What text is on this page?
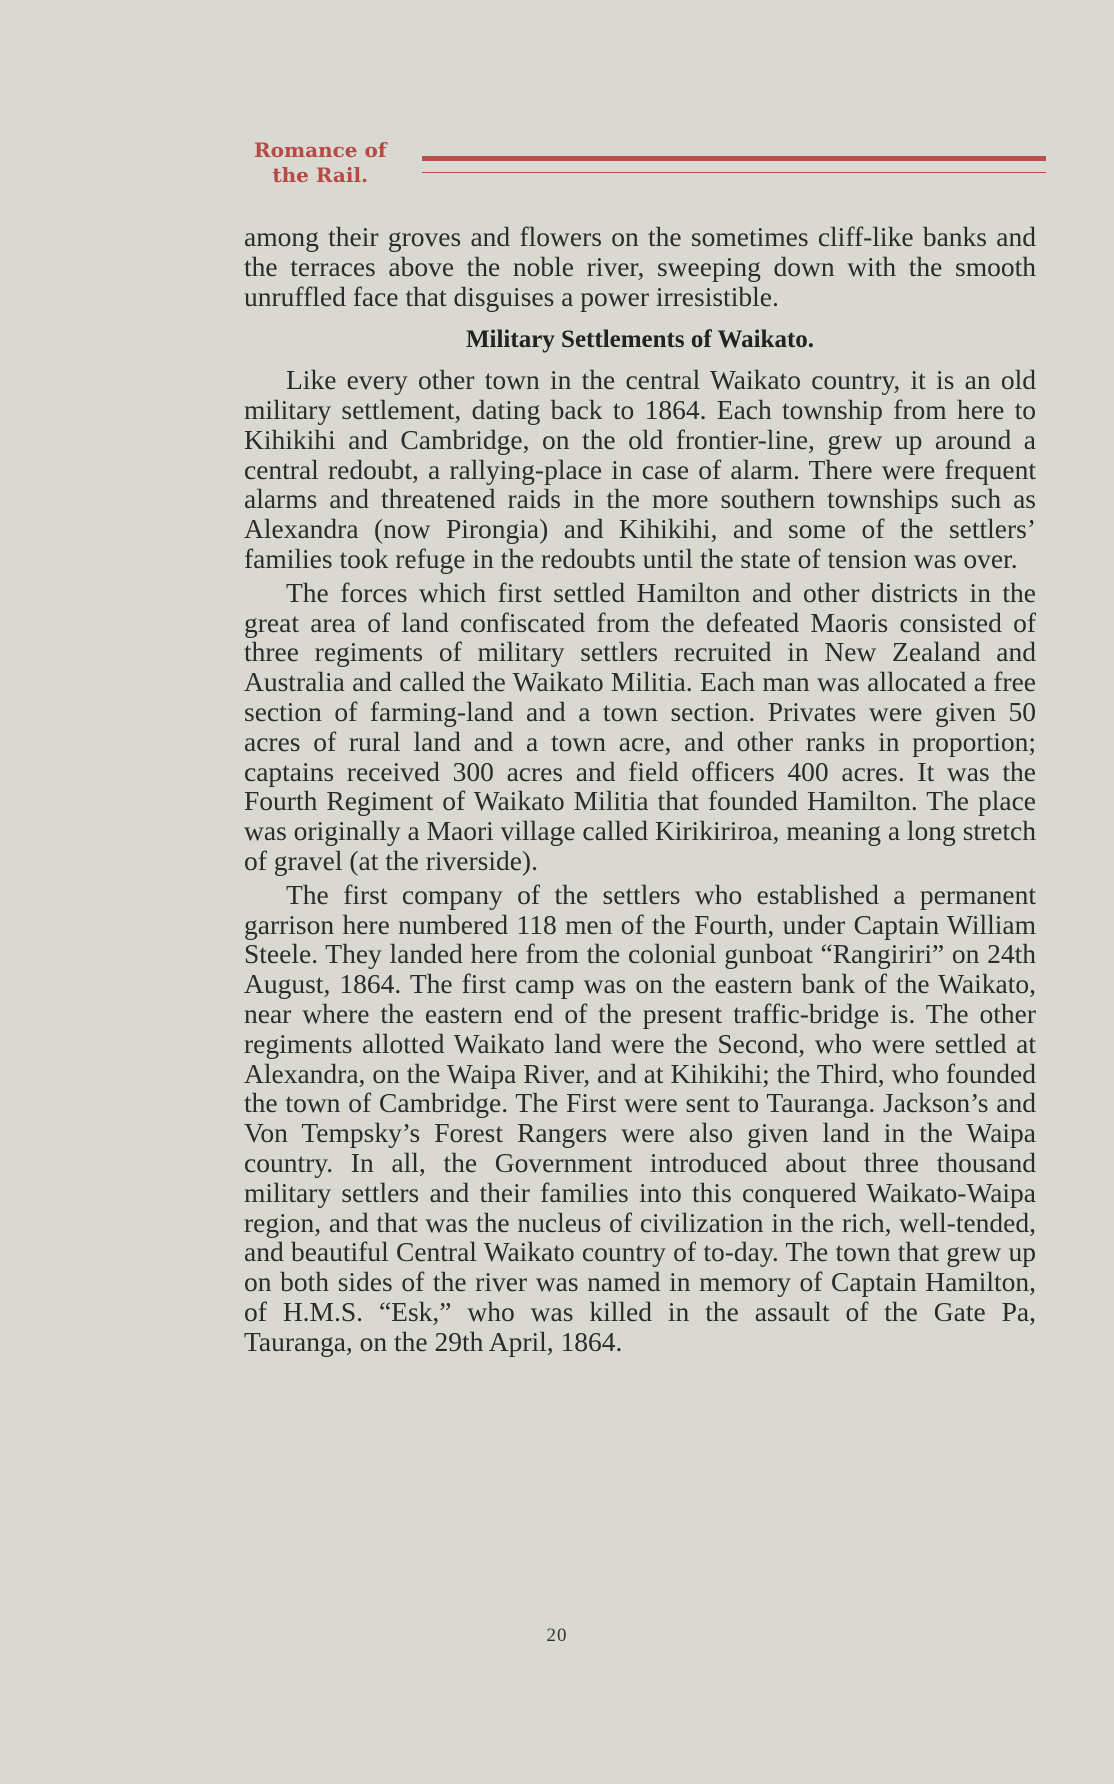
Romance of
the Rail.

among their groves and flowers on the sometimes cliff-like banks and the terraces above the noble river, sweeping down with the smooth unruffled face that disguises a power irresistible.

Military Settlements of Waikato.

Like every other town in the central Waikato country, it is an old military settlement, dating back to 1864. Each township from here to Kihikihi and Cambridge, on the old frontier-line, grew up around a central redoubt, a rallying-place in case of alarm. There were frequent alarms and threatened raids in the more southern townships such as Alexandra (now Pirongia) and Kihikihi, and some of the settlers’ families took refuge in the redoubts until the state of tension was over.

The forces which first settled Hamilton and other districts in the great area of land confiscated from the defeated Maoris consisted of three regiments of military settlers recruited in New Zealand and Australia and called the Waikato Militia. Each man was allocated a free section of farming-land and a town section. Privates were given 50 acres of rural land and a town acre, and other ranks in proportion; captains received 300 acres and field officers 400 acres. It was the Fourth Regiment of Waikato Militia that founded Hamilton. The place was originally a Maori village called Kirikiriroa, meaning a long stretch of gravel (at the riverside).

The first company of the settlers who established a permanent garrison here numbered 118 men of the Fourth, under Captain William Steele. They landed here from the colonial gunboat “Rangiriri” on 24th August, 1864. The first camp was on the eastern bank of the Waikato, near where the eastern end of the present traffic-bridge is. The other regiments allotted Waikato land were the Second, who were settled at Alexandra, on the Waipa River, and at Kihikihi; the Third, who founded the town of Cambridge. The First were sent to Tauranga. Jackson’s and Von Tempsky’s Forest Rangers were also given land in the Waipa country. In all, the Government introduced about three thousand military settlers and their families into this conquered Waikato-Waipa region, and that was the nucleus of civilization in the rich, well-tended, and beautiful Central Waikato country of to-day. The town that grew up on both sides of the river was named in memory of Captain Hamilton, of H.M.S. “Esk,” who was killed in the assault of the Gate Pa, Tauranga, on the 29th April, 1864.

20
